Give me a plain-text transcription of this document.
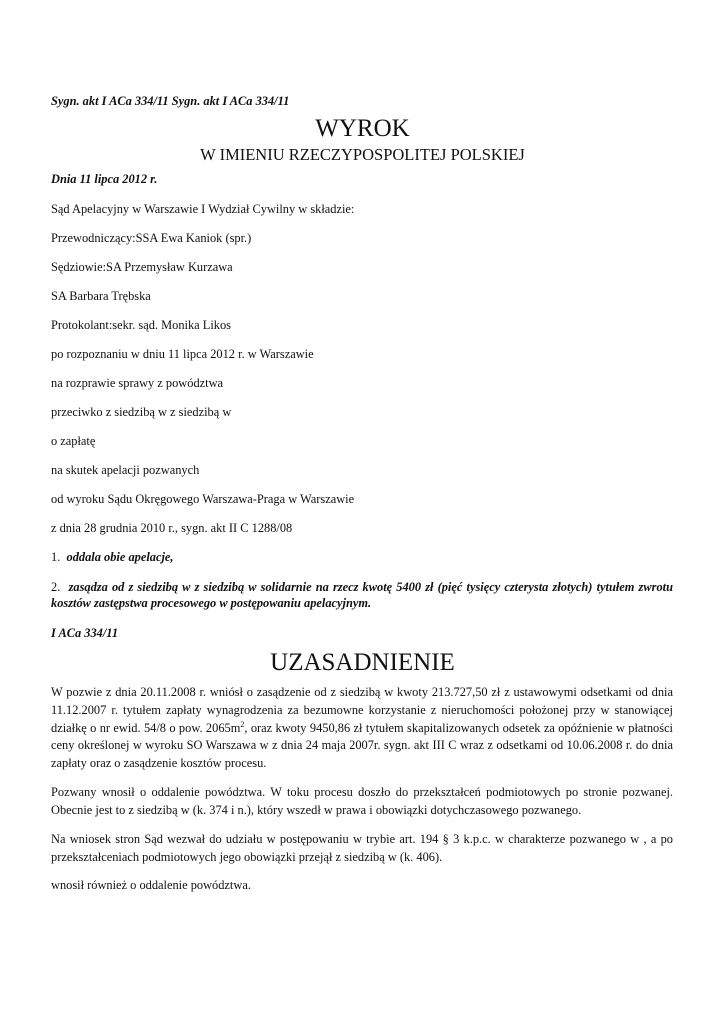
Sygn. akt I ACa 334/11 Sygn. akt I ACa 334/11
WYROK
W IMIENIU RZECZYPOSPOLITEJ POLSKIEJ
Dnia 11 lipca 2012 r.
Sąd Apelacyjny w Warszawie I Wydział Cywilny w składzie:
Przewodniczący:SSA Ewa Kaniok (spr.)
Sędziowie:SA Przemysław Kurzawa
SA Barbara Trębska
Protokolant:sekr. sąd. Monika Likos
po rozpoznaniu w dniu 11 lipca 2012 r. w Warszawie
na rozprawie sprawy z powództwa
przeciwko z siedzibą w z siedzibą w
o zapłatę
na skutek apelacji pozwanych
od wyroku Sądu Okręgowego Warszawa-Praga w Warszawie
z dnia 28 grudnia 2010 r., sygn. akt II C 1288/08
1. oddala obie apelacje,
2. zasądza od z siedzibą w z siedzibą w solidarnie na rzecz kwotę 5400 zł (pięć tysięcy czterysta złotych) tytułem zwrotu kosztów zastępstwa procesowego w postępowaniu apelacyjnym.
I ACa 334/11
UZASADNIENIE
W pozwie z dnia 20.11.2008 r. wniósł o zasądzenie od z siedzibą w kwoty 213.727,50 zł z ustawowymi odsetkami od dnia 11.12.2007 r. tytułem zapłaty wynagrodzenia za bezumowne korzystanie z nieruchomości położonej przy w stanowiącej działkę o nr ewid. 54/8 o pow. $2065m^2$, oraz kwoty 9450,86 zł tytułem skapitalizowanych odsetek za opóźnienie w płatności ceny określonej w wyroku SO Warszawa w z dnia 24 maja 2007r. sygn. akt III C wraz z odsetkami od 10.06.2008 r. do dnia zapłaty oraz o zasądzenie kosztów procesu.
Pozwany wnosił o oddalenie powództwa. W toku procesu doszło do przekształceń podmiotowych po stronie pozwanej. Obecnie jest to z siedzibą w (k. 374 i n.), który wszedł w prawa i obowiązki dotychczasowego pozwanego.
Na wniosek stron Sąd wezwał do udziału w postępowaniu w trybie art. 194 § 3 k.p.c. w charakterze pozwanego w , a po przekształceniach podmiotowych jego obowiązki przejął z siedzibą w (k. 406).
wnosił również o oddalenie powództwa.
